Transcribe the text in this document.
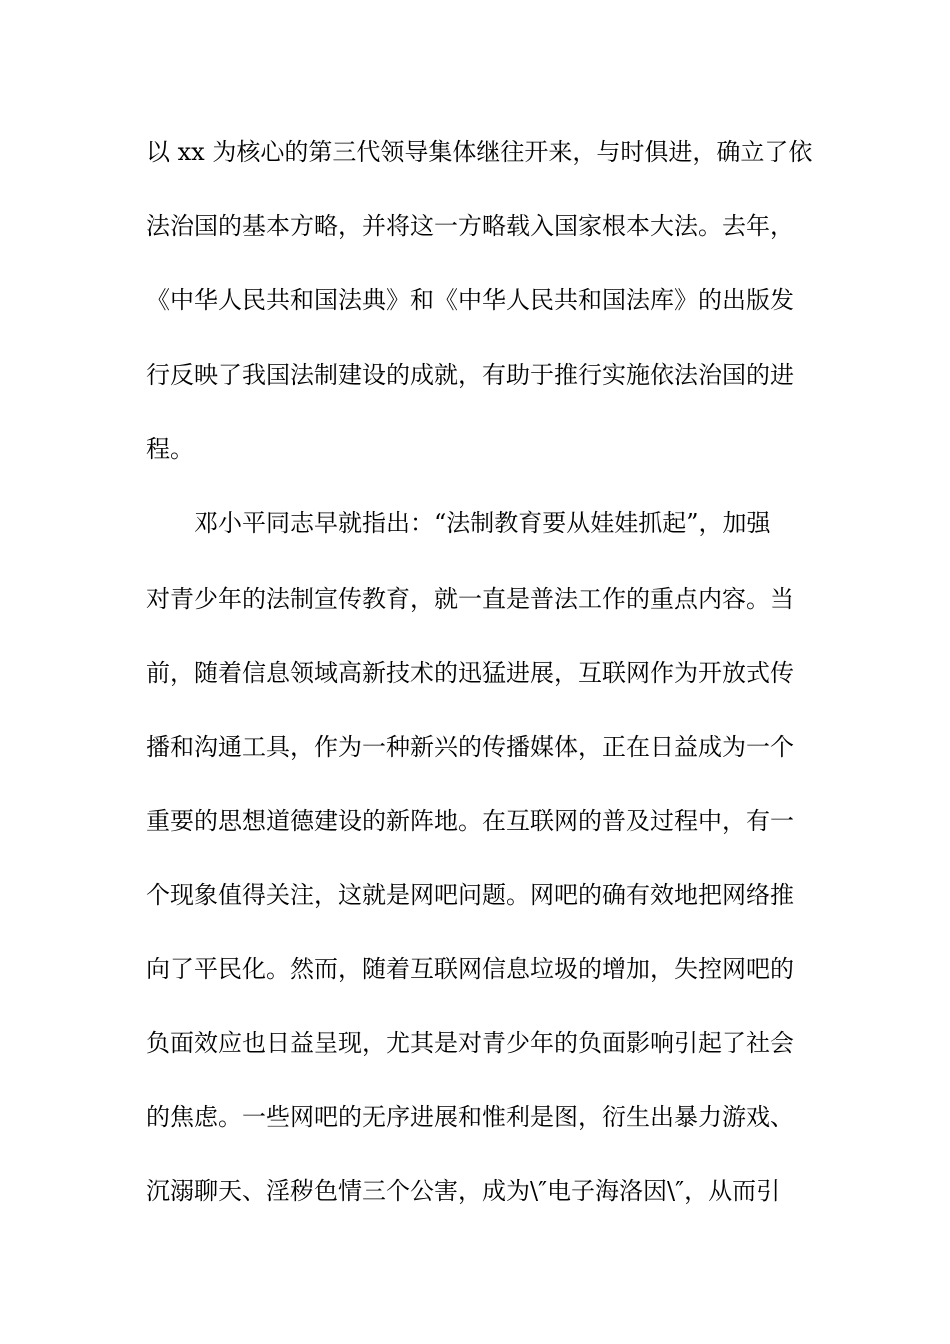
以 xx 为核心的第三代领导集体继往开来，与时俱进，确立了依
法治国的基本方略，并将这一方略载入国家根本大法。去年，
《中华人民共和国法典》和《中华人民共和国法库》的出版发
行反映了我国法制建设的成就，有助于推行实施依法治国的进
程。
邓小平同志早就指出：“法制教育要从娃娃抓起”，加强
对青少年的法制宣传教育，就一直是普法工作的重点内容。当
前，随着信息领域高新技术的迅猛进展，互联网作为开放式传
播和沟通工具，作为一种新兴的传播媒体，正在日益成为一个
重要的思想道德建设的新阵地。在互联网的普及过程中，有一
个现象值得关注，这就是网吧问题。网吧的确有效地把网络推
向了平民化。然而，随着互联网信息垃圾的增加，失控网吧的
负面效应也日益呈现，尤其是对青少年的负面影响引起了社会
的焦虑。一些网吧的无序进展和惟利是图，衍生出暴力游戏、
沉溺聊天、淫秽色情三个公害，成为\″电子海洛因\″，从而引
